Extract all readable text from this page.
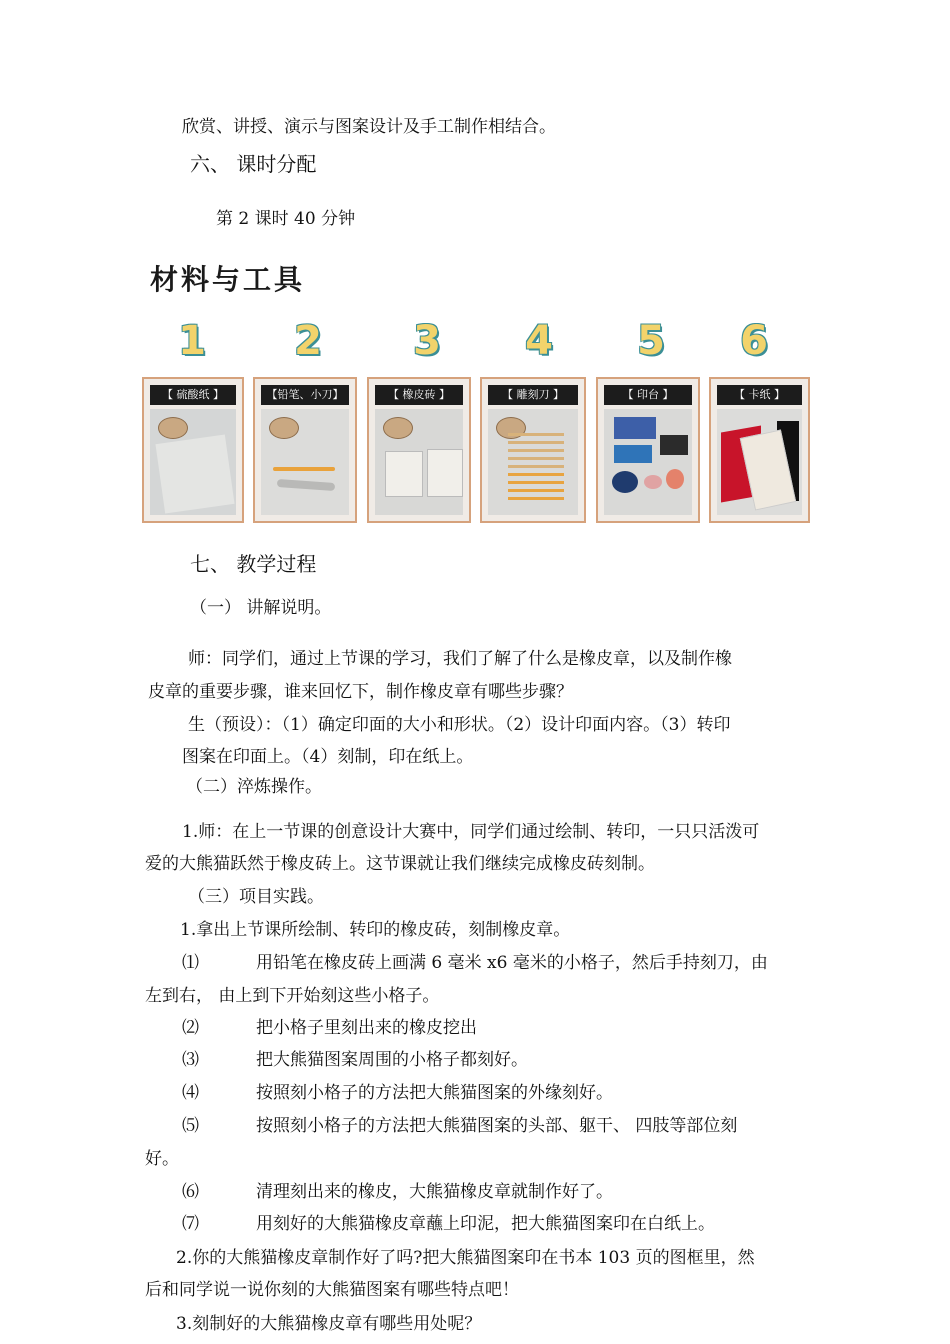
欣赏、讲授、演示与图案设计及手工制作相结合。
六、 课时分配
第 2 课时 40 分钟
材料与工具
1	2	3	4	5	6
【 硫酸纸 】	【铅笔、小刀】	【 橡皮砖 】	【 雕刻刀 】	【 印台 】	【 卡纸 】
七、 教学过程
（一） 讲解说明。
师：同学们，通过上节课的学习，我们了解了什么是橡皮章，以及制作橡
皮章的重要步骤，谁来回忆下，制作橡皮章有哪些步骤？
生（预设）：（1）确定印面的大小和形状。（2）设计印面内容。（3）转印
图案在印面上。（4）刻制，印在纸上。
（二）淬炼操作。
1.师：在上一节课的创意设计大赛中，同学们通过绘制、转印，一只只活泼可
爱的大熊猫跃然于橡皮砖上。这节课就让我们继续完成橡皮砖刻制。
（三）项目实践。
1.拿出上节课所绘制、转印的橡皮砖，刻制橡皮章。
⑴	用铅笔在橡皮砖上画满 6 毫米 x6 毫米的小格子，然后手持刻刀，由
左到右， 由上到下开始刻这些小格子。
⑵	把小格子里刻出来的橡皮挖出
⑶	把大熊猫图案周围的小格子都刻好。
⑷	按照刻小格子的方法把大熊猫图案的外缘刻好。
⑸	按照刻小格子的方法把大熊猫图案的头部、躯干、 四肢等部位刻
好。
⑹	清理刻出来的橡皮，大熊猫橡皮章就制作好了。
⑺	用刻好的大熊猫橡皮章蘸上印泥，把大熊猫图案印在白纸上。
2.你的大熊猫橡皮章制作好了吗?把大熊猫图案印在书本 103 页的图框里，然
后和同学说一说你刻的大熊猫图案有哪些特点吧！
3.刻制好的大熊猫橡皮章有哪些用处呢？
